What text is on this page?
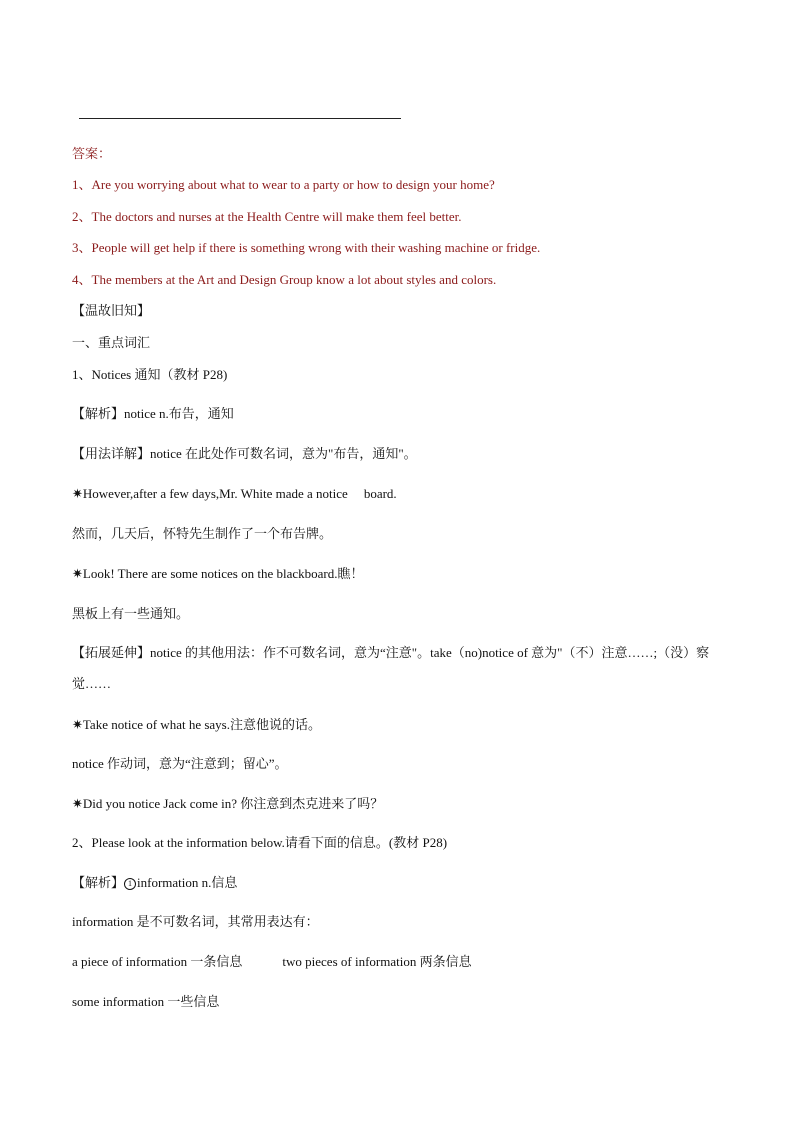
答案：
1、Are you worrying about what to wear to a party or how to design your home?
2、The doctors and nurses at the Health Centre will make them feel better.
3、People will get help if there is something wrong with their washing machine or fridge.
4、The members at the Art and Design Group know a lot about styles and colors.
【温故旧知】
一、重点词汇
1、Notices 通知（教材 P28)
【解析】notice n.布告，通知
【用法详解】notice 在此处作可数名词，意为"布告，通知"。
✷However,after a few days,Mr. White made a notice board.
然而，几天后，怀特先生制作了一个布告牌。
✷Look! There are some notices on the blackboard.瞧！
黑板上有一些通知。
【拓展延伸】notice 的其他用法：作不可数名词，意为“注意"。take（no)notice of 意为"（不）注意……;（没）察觉……
✷Take notice of what he says.注意他说的话。
notice 作动词，意为“注意到；留心”。
✷Did you notice Jack come in? 你注意到杰克进来了吗？
2、Please look at the information below.请看下面的信息。(教材 P28)
【解析】 1 information n.信息
information 是不可数名词，其常用表达有：
a piece of information 一条信息	two pieces of information 两条信息
some information 一些信息
